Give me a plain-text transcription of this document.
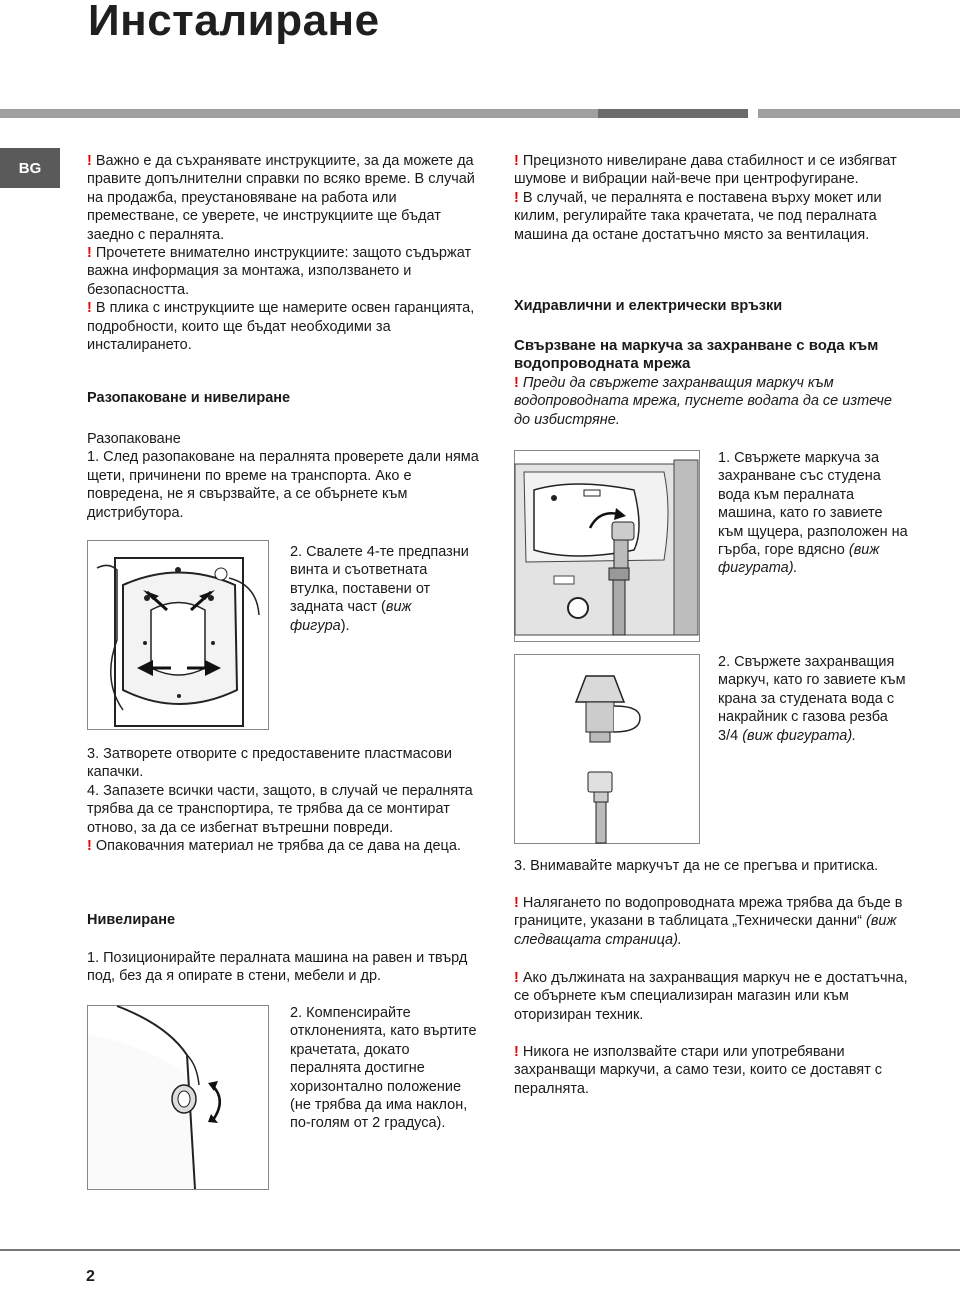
Инсталиране
BG	! Важно е да съхранявате инструкциите, за да можете да правите допълнителни справки по всяко време. В случай на продажба, преустановяване на работа или преместване, се уверете, че инструкциите ще бъдат заедно с пералнята.

! Прочетете внимателно инструкциите: защото съдържат важна информация за монтажа, използването и безопасността.

! В плика с инструкциите ще намерите освен гаранцията, подробности, които ще бъдат необходими за инсталирането.

Разопаковане и нивелиране

Разопаковане

1. След разопаковане на пералнята проверете дали няма щети, причинени по време на транспорта. Ако е повредена, не я свързвайте, а се обърнете към дистрибутора.

2. Свалете 4-те предпазни винта и съответната втулка, поставени от задната част (виж фигура).

3. Затворете отворите с предоставените пластмасови капачки.

4. Запазете всички части, защото, в случай че пералнята трябва да се транспортира, те трябва да се монтират отново, за да се избегнат вътрешни повреди.

! Опаковачния материал не трябва да се дава на деца.

Нивелиране
1. Позиционирайте пералната машина на равен и твърд под, без да я опирате в стени, мебели и др.
2. Компенсирайте отклоненията, като въртите крачетата, докато пералнята достигне хоризонтално положение (не трябва да има наклон, по-голям от 2 градуса).

! Прецизното нивелиране дава стабилност и се избягват шумове и вибрации най-вече при центрофугиране.

! В случай, че пералнята е поставена върху мокет или килим, регулирайте така крачетата, че под пералната машина да остане достатъчно място за вентилация.

Хидравлични и електрически връзки

Свързване на маркуча за захранване с вода към водопроводната мрежа

! Преди да свържете захранващия маркуч към водопроводната мрежа, пуснете водата да се изтече до избистряне.

1. Свържете маркуча за захранване със студена вода към пералната машина, като го завиете към щуцера, разположен на гърба, горе вдясно (виж фигурата).

2. Свържете захранващия маркуч, като го завиете към крана за студената вода с накрайник с газова резба 3/4 (виж фигурата).

3. Внимавайте маркучът да не се прегъва и притиска.

! Налягането по водопроводната мрежа трябва да бъде в границите, указани в таблицата „Технически данни“ (виж следващата страница).

! Ако дължината на захранващия маркуч не е достатъчна, се обърнете към специализиран магазин или към оторизиран техник.

! Никога не използвайте стари или употребявани захранващи маркучи, а само тези, които се доставят с пералнята.

2
